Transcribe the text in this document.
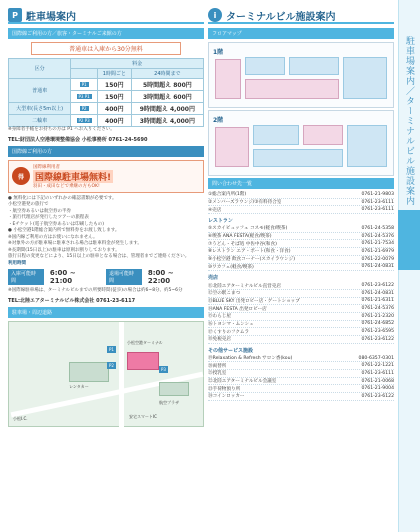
P 駐車場案内
国際線ご利用の方／旅客・ターミナルご来館の方
普通車は入庫から30分無料
区分	料金		
		1時間ごと	24時間まで
普通車	P1	150円	5時間超え 800円
	P3 P1	150円	3時間超え 600円
大型車(長さ5m以上)	P2	400円	9時間超え 4,000円
二輪車	P2 P3	400円	3時間超え 4,000円
※身障者手帳をお持ちの方は P1 へお入りください。
TEL:財団法人空港環境整備協会 小松事務所 0761-24-5690
国際線ご利用の方
得
国際線利用者
国際線駐車場無料!
羽田・成田などで乗継の方もOK!
● 無料化には下記のいずれかの確認書類が必要です。
小松空港発の旅行で
・航空券あるいは航空券の半券
・旅行代理店が発行したツアーの旅程表
・Eチケット(電子航空券あるいは印刷したもの)
● 小松空港1階総合案内所で無料券をお渡し致します。
※国内線ご利用の方はお使いになれません。
※対象外の方が駐車場に駐車される場合は駐車料金が発生します。
※長期間(15日以上)の駐車は原則お断りしております。
旅行日程の変更などにより、15日以上の駐車となる場合は、管理者までご連絡ください。
利用時間
入庫可能時間
6:00 ~ 21:00
退場可能時間
8:00 ~ 22:00
※国際線駐車場は、ターミナルビルまでの所要時間(徒歩)の場合は約6~8分、約5~6分
TEL:北陸エアターミナルビル株式会社 0761-23-6117
駐車場・周辺道路
P1
P2
P3
小松空港ターミナル
小松I.C.	安宅スマートIC
航空プラザ
レンタカー
i ターミナルビル施設案内
フロアマップ
1階
2階
問い合わせ先一覧
①総合案内所(1階)	0761-21-9803
②メンバーズラウンジ/③有料待合室	0761-23-6111
④売店	0761-23-6111
レストラン
⑤スカイビュッフェ コスモ(軽食/喫茶)	0761-24-5358
⑥喫茶 ANA FESTA(軽食/喫茶)	0761-24-5376
⑦うどん・そば処 中佐中谷(和食)	0761-21-7534
⑧レストラン エア・ポート(和食・洋食)	0761-21-6979
⑨小松空港 飲食コーナー(スカイラウンジ)	0761-22-0079
⑩ワカフェ(軽食/喫茶)	0761-24-0831
売店
⑪北陸エアターミナルビル直営売店	0761-23-6122
⑫空の駅こまつ	0761-24-0831
⑬BLUE SKY 出発ロビー店・ゲートショップ	0761-21-6311
⑭ANA FESTA 出発ロビー店	0761-24-5376
⑮わらじ屋	0761-21-2320
⑯トヨシマ・ムンシュ	0761-24-6852
⑰くすりのフクムラ	0761-23-6595
⑱免税売店	0761-23-6122
その他サービス施設
⑲Relaxation & Refresh サロン香(kou)	080-6357-0301
⑳両替所	0761-22-1221
㉑授乳室	0761-23-6111
㉒北陸エアターミナルビル会議室	0761-21-0068
㉓手荷物預り所	0761-21-9004
㉔コインロッカー	0761-23-6122
駐車場案内／ターミナルビル施設案内
